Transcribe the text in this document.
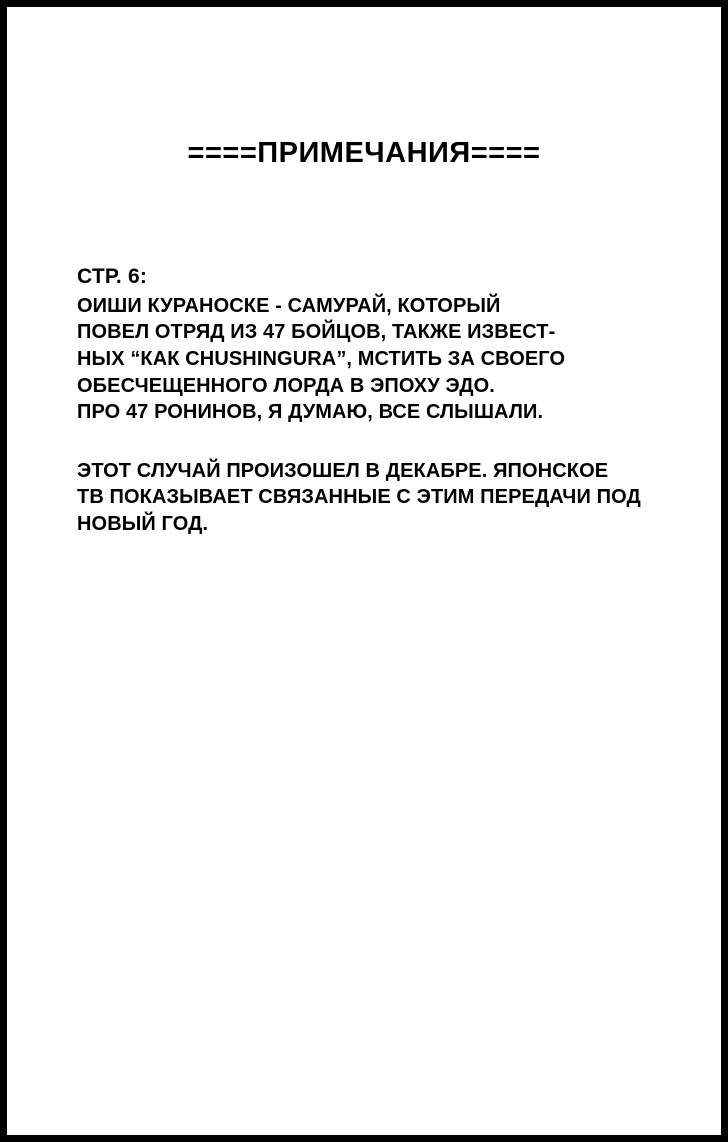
====ПРИМЕЧАНИЯ====
СТР. 6:

ОИШИ КУРАНОСКЕ - САМУРАЙ, КОТОРЫЙ
ПОВЕЛ ОТРЯД ИЗ 47 БОЙЦОВ, ТАКЖЕ ИЗВЕСТ-
НЫХ “КАК CHUSHINGURA”, МСТИТЬ ЗА СВОЕГО
ОБЕСЧЕЩЕННОГО ЛОРДА В ЭПОХУ ЭДО.
ПРО 47 РОНИНОВ, Я ДУМАЮ, ВСЕ СЛЫШАЛИ.

ЭТОТ СЛУЧАЙ ПРОИЗОШЕЛ В ДЕКАБРЕ. ЯПОНСКОЕ
ТВ ПОКАЗЫВАЕТ СВЯЗАННЫЕ С ЭТИМ ПЕРЕДАЧИ ПОД
НОВЫЙ ГОД.
